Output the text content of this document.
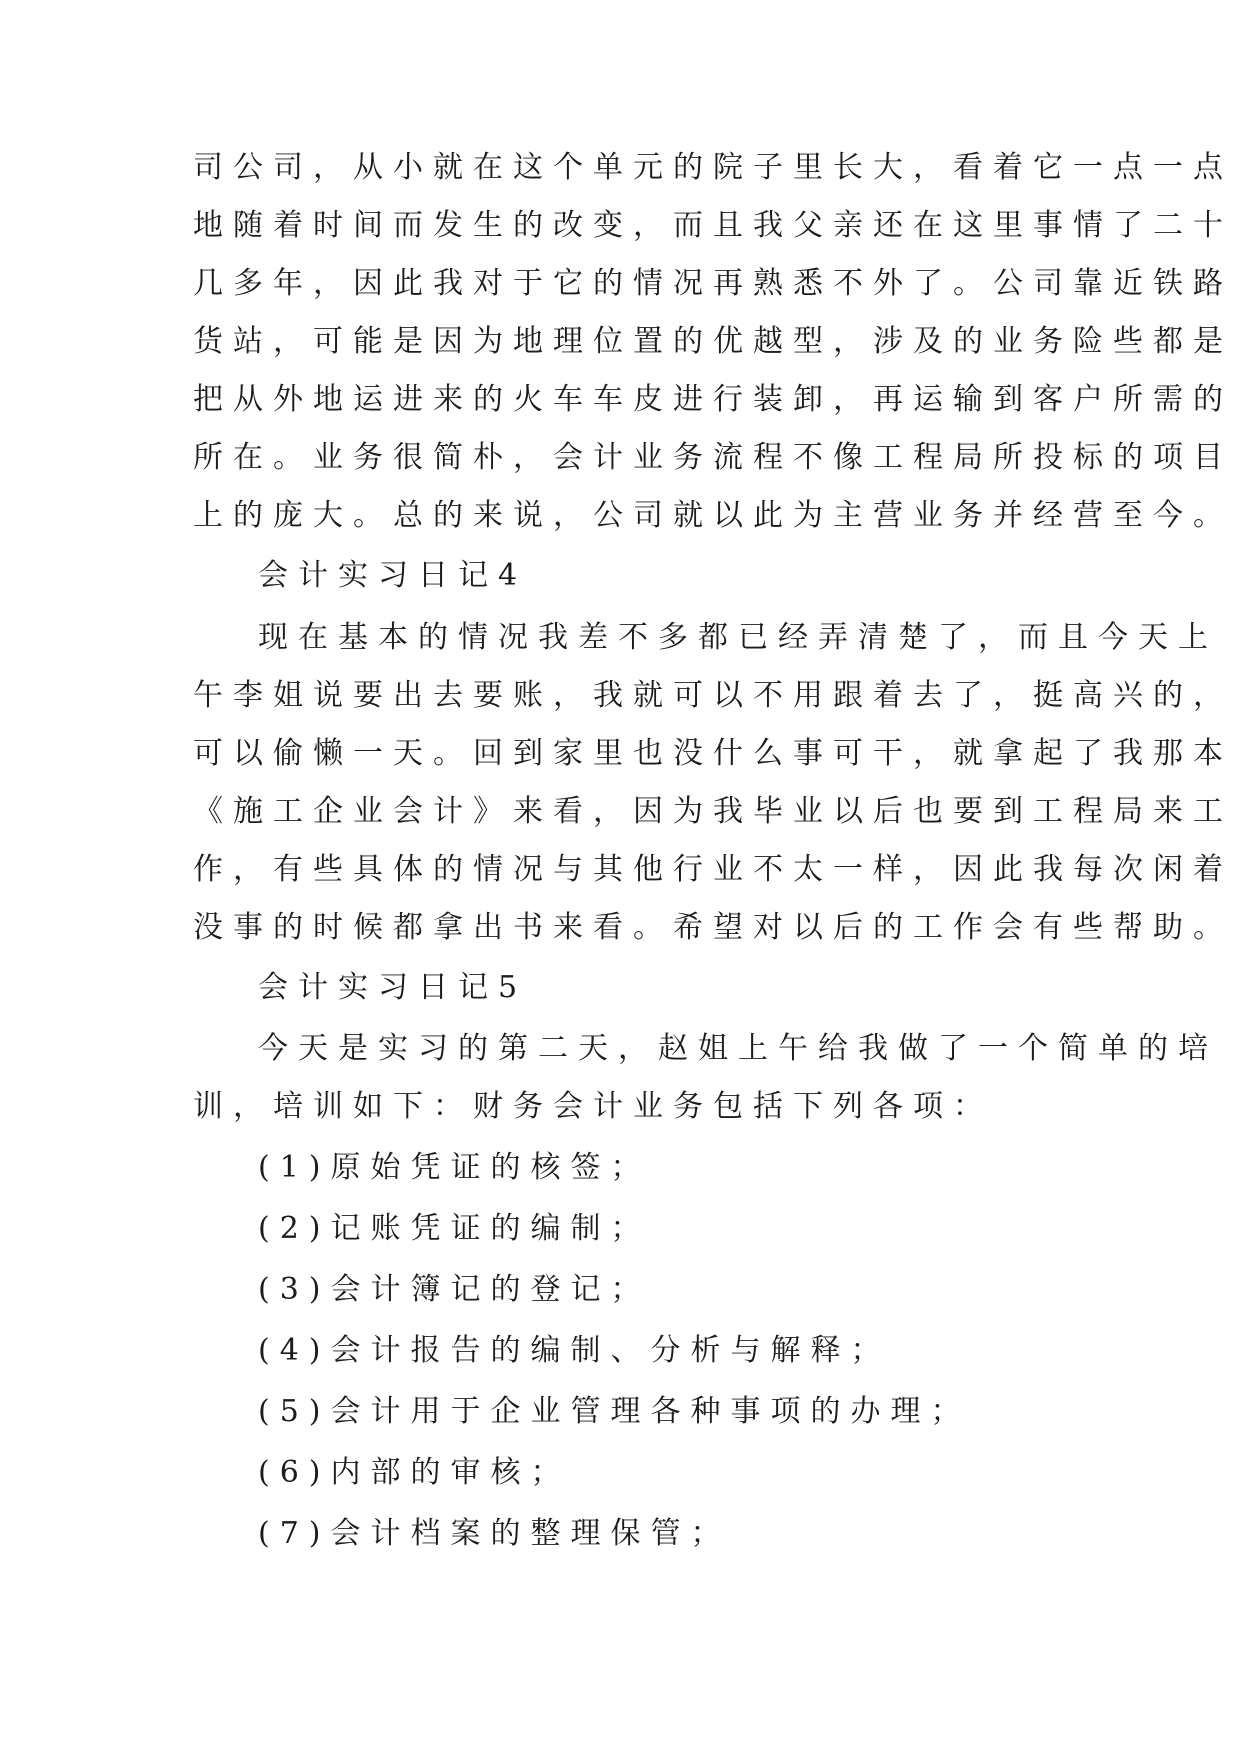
司公司，从小就在这个单元的院子里长大，看着它一点一点
地随着时间而发生的改变，而且我父亲还在这里事情了二十
几多年，因此我对于它的情况再熟悉不外了。公司靠近铁路
货站，可能是因为地理位置的优越型，涉及的业务险些都是
把从外地运进来的火车车皮进行装卸，再运输到客户所需的
所在。业务很简朴，会计业务流程不像工程局所投标的项目
上的庞大。总的来说，公司就以此为主营业务并经营至今。
会计实习日记4
现在基本的情况我差不多都已经弄清楚了，而且今天上
午李姐说要出去要账，我就可以不用跟着去了，挺高兴的，
可以偷懒一天。回到家里也没什么事可干，就拿起了我那本
《施工企业会计》来看，因为我毕业以后也要到工程局来工
作，有些具体的情况与其他行业不太一样，因此我每次闲着
没事的时候都拿出书来看。希望对以后的工作会有些帮助。
会计实习日记5
今天是实习的第二天，赵姐上午给我做了一个简单的培
训，培训如下：财务会计业务包括下列各项：
(1)原始凭证的核签；
(2)记账凭证的编制；
(3)会计簿记的登记；
(4)会计报告的编制、分析与解释；
(5)会计用于企业管理各种事项的办理；
(6)内部的审核；
(7)会计档案的整理保管；
